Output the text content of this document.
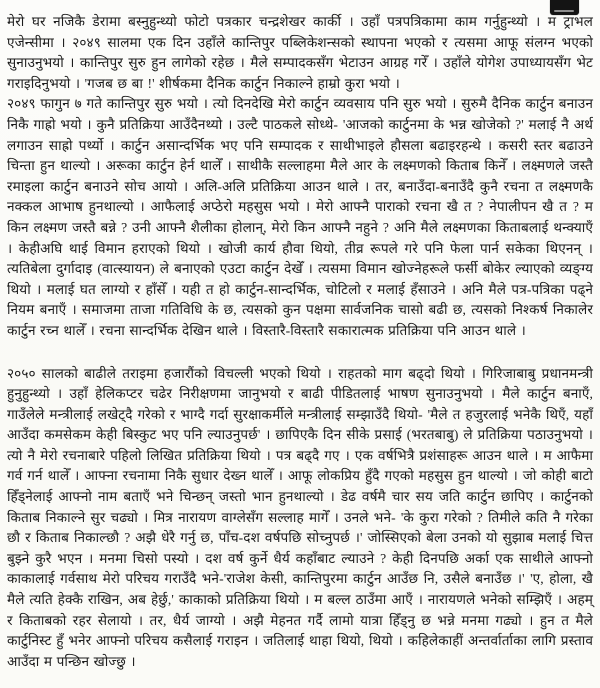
मेरो घर नजिकै डेरामा बस्नुहुन्थ्यो फोटो पत्रकार चन्द्रशेखर कार्की । उहाँ पत्रपत्रिकामा काम गर्नुहुन्थ्यो । म ट्राभल एजेन्सीमा । २०४९ सालमा एक दिन उहाँले कान्तिपुर पब्लिकेशन्सको स्थापना भएको र त्यसमा आफू संलग्न भएको सुनाउनुभयो । कान्तिपुर सुरु हुन लागेको रहेछ । मैले सम्पादकसँग भेटाउन आग्रह गरेँ । उहाँले योगेश उपाध्यायसँग भेट गराइदिनुभयो । 'गजब छ बा !' शीर्षकमा दैनिक कार्टुन निकाल्ने हाम्रो कुरा भयो ।

२०४९ फागुन ७ गते कान्तिपुर सुरु भयो । त्यो दिनदेखि मेरो कार्टुन व्यवसाय पनि सुरु भयो । सुरुमै दैनिक कार्टुन बनाउन निकै गाह्रो भयो । कुनै प्रतिक्रिया आउँदैनथ्यो । उल्टै पाठकले सोध्थे- 'आजको कार्टुनमा के भन्न खोजेको ?' मलाई नै अर्थ लगाउन साह्रो पर्थ्यो । कार्टुन असान्दर्भिक भए पनि सम्पादक र साथीभाइले हौसला बढाइरहन्थे । कसरी स्तर बढाउने चिन्ता हुन थाल्यो । अरूका कार्टुन हेर्न थालेँ । साथीकै सल्लाहमा मैले आर के लक्ष्मणको किताब किनेँ । लक्ष्मणले जस्तै रमाइला कार्टुन बनाउने सोच आयो । अलि-अलि प्रतिक्रिया आउन थाले । तर, बनाउँदा-बनाउँदै कुनै रचना त लक्ष्मणकै नक्कल आभाष हुनथाल्यो । आफैलाई अप्ठेरो महसुस भयो । मेरो आफ्नै पाराको रचना खै त ? नेपालीपन खै त ? म किन लक्ष्मण जस्तै बन्ने ? उनी आफ्नै शैलीका होलान्, मेरो किन आफ्नै नहुने ? अनि मैले लक्ष्मणका किताबलाई थन्क्याएँ । केहीअघि थाई विमान हराएको थियो । खोजी कार्य हौवा थियो, तीव्र रूपले गरे पनि फेला पार्न सकेका थिएनन् । त्यतिबेला दुर्गादाइ (वात्स्यायन) ले बनाएको एउटा कार्टुन देखेँ । त्यसमा विमान खोज्नेहरूले फर्सी बोकेर ल्याएको व्यङ्ग्य थियो । मलाई घत लाग्यो र हाँसेँ । यही त हो कार्टुन-सान्दर्भिक, चोटिलो र मलाई हँसाउने । अनि मैले पत्र-पत्रिका पढ्ने नियम बनाएँ । समाजमा ताजा गतिविधि के छ, त्यसको कुन पक्षमा सार्वजनिक चासो बढी छ, त्यसको निश्कर्ष निकालेर कार्टुन रच्न थालेँ । रचना सान्दर्भिक देखिन थाले । विस्तारै-विस्तारै सकारात्मक प्रतिक्रिया पनि आउन थाले ।

२०५० सालको बाढीले तराइमा हजारौंको विचल्ली भएको थियो । राहतको माग बढ्दो थियो । गिरिजाबाबु प्रधानमन्त्री हुनुहुन्थ्यो । उहाँ हेलिकप्टर चढेर निरीक्षणमा जानुभयो र बाढी पीडितलाई भाषण सुनाउनुभयो । मैले कार्टुन बनाएँ, गाउँलेले मन्त्रीलाई लखेट्दै गरेको र भाग्दै गर्दा सुरक्षाकर्मीले मन्त्रीलाई सम्झाउँदै थियो- 'मैले त हजुरलाई भनेकै थिएँ, यहाँ आउँदा कमसेकम केही बिस्कुट भए पनि ल्याउनुपर्छ' । छापिएकै दिन सीके प्रसाई (भरतबाबु) ले प्रतिक्रिया पठाउनुभयो । त्यो नै मेरो रचनाबारे पहिलो लिखित प्रतिक्रिया थियो । पत्र बढ्दै गए । एक वर्षभित्रै प्रशंसाहरू आउन थाले । म आफैमा गर्व गर्न थालेँ । आफ्ना रचनामा निकै सुधार देख्न थालेँ । आफू लोकप्रिय हुँदै गएको महसुस हुन थाल्यो । जो कोही बाटो हिँड्नेलाई आफ्नो नाम बताएँ भने चिन्छन् जस्तो भान हुनथाल्यो । डेढ वर्षमै चार सय जति कार्टुन छापिए । कार्टुनको किताब निकाल्ने सुर चढ्यो । मित्र नारायण वाग्लेसँग सल्लाह मागेँ । उनले भने- 'के कुरा गरेको ? तिमीले कति नै गरेका छौ र किताब निकाल्छौ ? अझै धेरै गर्नु छ, पाँच-दश वर्षपछि सोच्नुपर्छ ।' जोस्सिएको बेला उनको यो सुझाब मलाई चित्त बुझ्ने कुरै भएन । मनमा चिसो पस्यो । दश वर्ष कुर्ने धैर्य कहाँबाट ल्याउने ? केही दिनपछि अर्का एक साथीले आफ्नो काकालाई गर्वसाथ मेरो परिचय गराउँदै भने-'राजेश केसी, कान्तिपुरमा कार्टुन आउँछ नि, उसैले बनाउँछ ।' 'ए, होला, खै मैले त्यति हेक्कै राखिन, अब हेर्छु,' काकाको प्रतिक्रिया थियो । म बल्ल ठाउँमा आएँ । नारायणले भनेको सम्झिएँ । अहम् र किताबको रहर सेलायो । तर, धैर्य जाग्यो । अझै मेहनत गर्दै लामो यात्रा हिँड्नु छ भन्ने मनमा गढ्यो । हुन त मैले कार्टुनिस्ट हुँ भनेर आफ्नो परिचय कसैलाई गराइन । जतिलाई थाहा थियो, थियो । कहिलेकाहीं अन्तर्वार्ताका लागि प्रस्ताव आउँदा म पन्छिन खोज्छु ।
